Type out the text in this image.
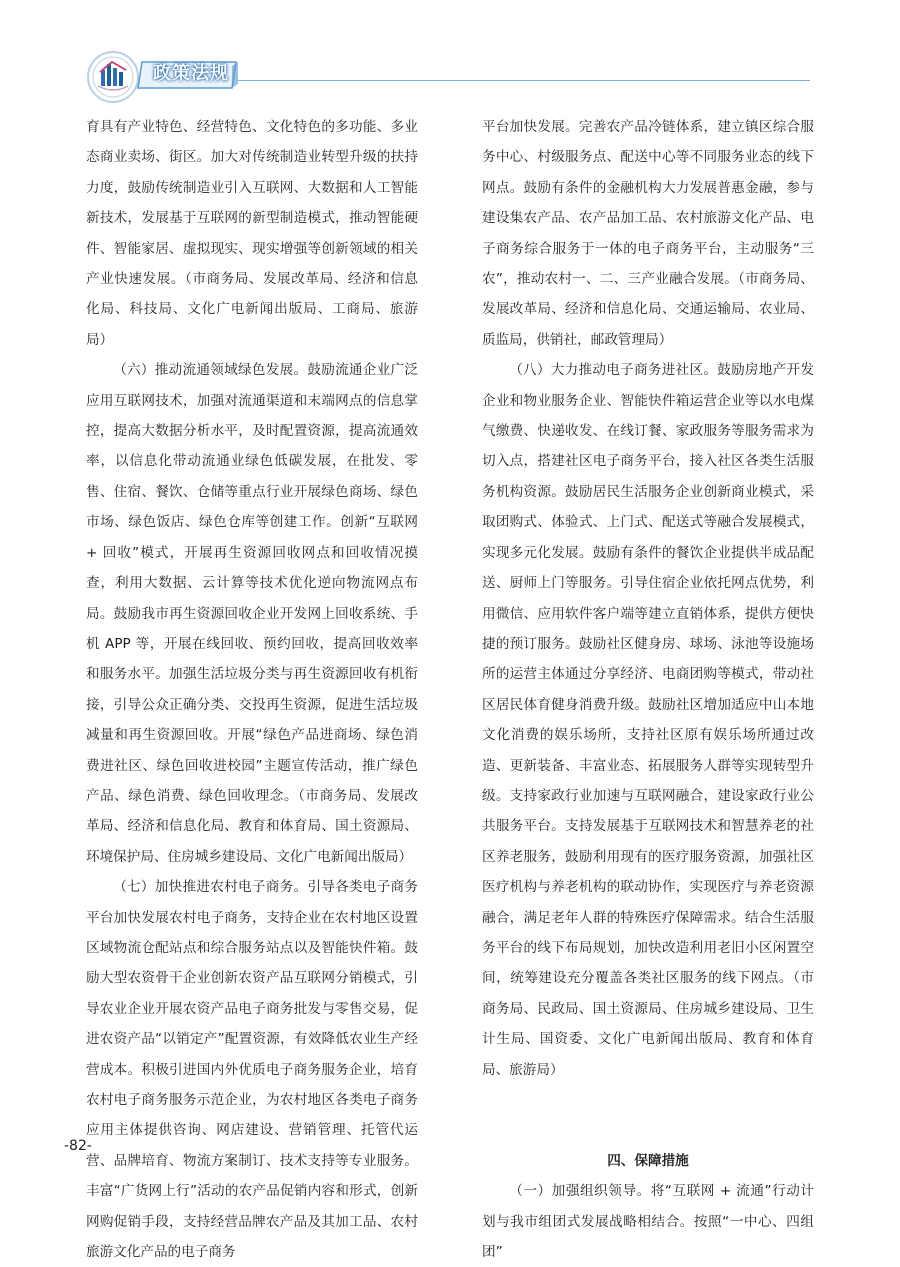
政策法规

育具有产业特色、经营特色、文化特色的多功能、多业态商业卖场、街区。加大对传统制造业转型升级的扶持力度，鼓励传统制造业引入互联网、大数据和人工智能新技术，发展基于互联网的新型制造模式，推动智能硬件、智能家居、虚拟现实、现实增强等创新领域的相关产业快速发展。（市商务局、发展改革局、经济和信息化局、科技局、文化广电新闻出版局、工商局、旅游局）

（六）推动流通领域绿色发展。鼓励流通企业广泛应用互联网技术，加强对流通渠道和末端网点的信息掌控，提高大数据分析水平，及时配置资源，提高流通效率，以信息化带动流通业绿色低碳发展，在批发、零售、住宿、餐饮、仓储等重点行业开展绿色商场、绿色市场、绿色饭店、绿色仓库等创建工作。创新“互联网 + 回收”模式，开展再生资源回收网点和回收情况摸查，利用大数据、云计算等技术优化逆向物流网点布局。鼓励我市再生资源回收企业开发网上回收系统、手机 APP 等，开展在线回收、预约回收，提高回收效率和服务水平。加强生活垃圾分类与再生资源回收有机衔接，引导公众正确分类、交投再生资源，促进生活垃圾减量和再生资源回收。开展“绿色产品进商场、绿色消费进社区、绿色回收进校园”主题宣传活动，推广绿色产品、绿色消费、绿色回收理念。（市商务局、发展改革局、经济和信息化局、教育和体育局、国土资源局、环境保护局、住房城乡建设局、文化广电新闻出版局）

（七）加快推进农村电子商务。引导各类电子商务平台加快发展农村电子商务，支持企业在农村地区设置区域物流仓配站点和综合服务站点以及智能快件箱。鼓励大型农资骨干企业创新农资产品互联网分销模式，引导农业企业开展农资产品电子商务批发与零售交易，促进农资产品“以销定产”配置资源，有效降低农业生产经营成本。积极引进国内外优质电子商务服务企业，培育农村电子商务服务示范企业，为农村地区各类电子商务应用主体提供咨询、网店建设、营销管理、托管代运营、品牌培育、物流方案制订、技术支持等专业服务。丰富“广货网上行”活动的农产品促销内容和形式，创新网购促销手段，支持经营品牌农产品及其加工品、农村旅游文化产品的电子商务

平台加快发展。完善农产品冷链体系，建立镇区综合服务中心、村级服务点、配送中心等不同服务业态的线下网点。鼓励有条件的金融机构大力发展普惠金融，参与建设集农产品、农产品加工品、农村旅游文化产品、电子商务综合服务于一体的电子商务平台，主动服务“三农”，推动农村一、二、三产业融合发展。（市商务局、发展改革局、经济和信息化局、交通运输局、农业局、质监局，供销社，邮政管理局）

（八）大力推动电子商务进社区。鼓励房地产开发企业和物业服务企业、智能快件箱运营企业等以水电煤气缴费、快递收发、在线订餐、家政服务等服务需求为切入点，搭建社区电子商务平台，接入社区各类生活服务机构资源。鼓励居民生活服务企业创新商业模式，采取团购式、体验式、上门式、配送式等融合发展模式，实现多元化发展。鼓励有条件的餐饮企业提供半成品配送、厨师上门等服务。引导住宿企业依托网点优势，利用微信、应用软件客户端等建立直销体系，提供方便快捷的预订服务。鼓励社区健身房、球场、泳池等设施场所的运营主体通过分享经济、电商团购等模式，带动社区居民体育健身消费升级。鼓励社区增加适应中山本地文化消费的娱乐场所，支持社区原有娱乐场所通过改造、更新装备、丰富业态、拓展服务人群等实现转型升级。支持家政行业加速与互联网融合，建设家政行业公共服务平台。支持发展基于互联网技术和智慧养老的社区养老服务，鼓励利用现有的医疗服务资源，加强社区医疗机构与养老机构的联动协作，实现医疗与养老资源融合，满足老年人群的特殊医疗保障需求。结合生活服务平台的线下布局规划，加快改造利用老旧小区闲置空间，统筹建设充分覆盖各类社区服务的线下网点。（市商务局、民政局、国土资源局、住房城乡建设局、卫生计生局、国资委、文化广电新闻出版局、教育和体育局、旅游局）

四、保障措施

（一）加强组织领导。将“互联网 + 流通”行动计划与我市组团式发展战略相结合。按照“一中心、四组团”

-82-
